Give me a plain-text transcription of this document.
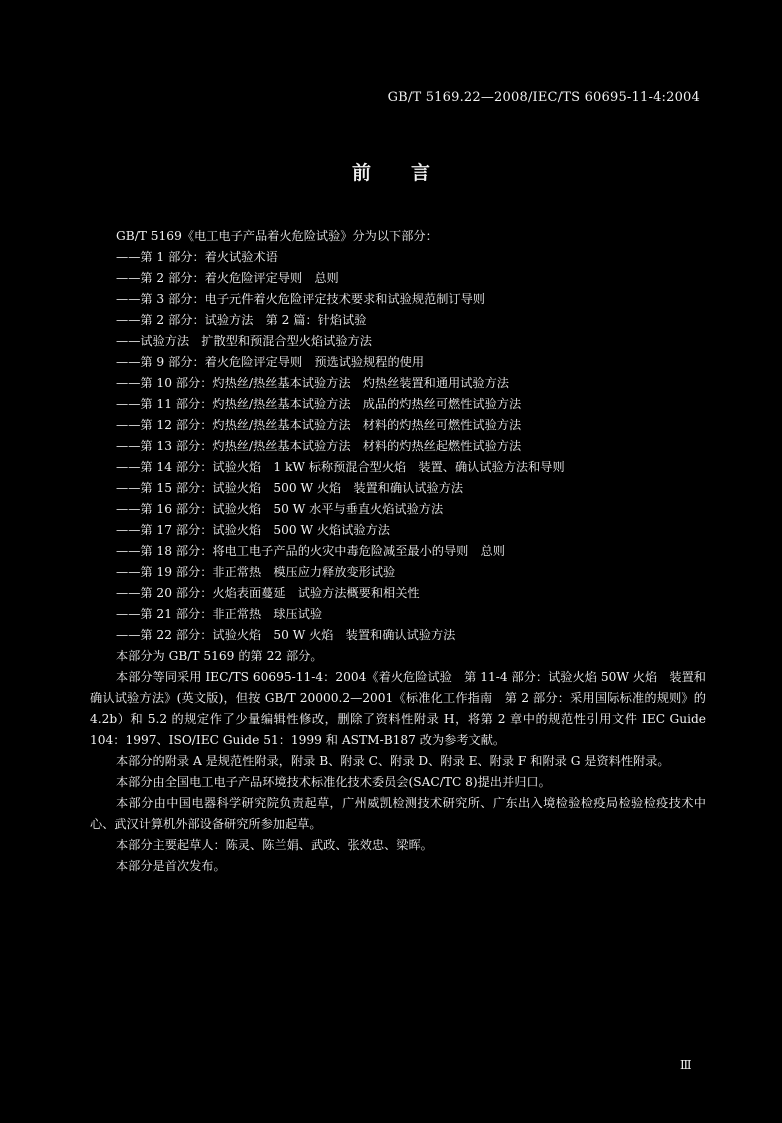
GB/T 5169.22—2008/IEC/TS 60695-11-4:2004
前言
GB/T 5169《电工电子产品着火危险试验》分为以下部分：
——第 1 部分：着火试验术语
——第 2 部分：着火危险评定导则　总则
——第 3 部分：电子元件着火危险评定技术要求和试验规范制订导则
——第 2 部分：试验方法　第 2 篇：针焰试验
——试验方法　扩散型和预混合型火焰试验方法
——第 9 部分：着火危险评定导则　预选试验规程的使用
——第 10 部分：灼热丝/热丝基本试验方法　灼热丝装置和通用试验方法
——第 11 部分：灼热丝/热丝基本试验方法　成品的灼热丝可燃性试验方法
——第 12 部分：灼热丝/热丝基本试验方法　材料的灼热丝可燃性试验方法
——第 13 部分：灼热丝/热丝基本试验方法　材料的灼热丝起燃性试验方法
——第 14 部分：试验火焰　1 kW 标称预混合型火焰　装置、确认试验方法和导则
——第 15 部分：试验火焰　500 W 火焰　装置和确认试验方法
——第 16 部分：试验火焰　50 W 水平与垂直火焰试验方法
——第 17 部分：试验火焰　500 W 火焰试验方法
——第 18 部分：将电工电子产品的火灾中毒危险减至最小的导则　总则
——第 19 部分：非正常热　模压应力释放变形试验
——第 20 部分：火焰表面蔓延　试验方法概要和相关性
——第 21 部分：非正常热　球压试验
——第 22 部分：试验火焰　50 W 火焰　装置和确认试验方法
本部分为 GB/T 5169 的第 22 部分。
本部分等同采用 IEC/TS 60695-11-4：2004《着火危险试验　第 11-4 部分：试验火焰 50W 火焰　装置和确认试验方法》(英文版)，但按 GB/T 20000.2—2001《标准化工作指南　第 2 部分：采用国际标准的规则》的 4.2b）和 5.2 的规定作了少量编辑性修改，删除了资料性附录 H，将第 2 章中的规范性引用文件 IEC Guide 104：1997、ISO/IEC Guide 51：1999 和 ASTM-B187 改为参考文献。
本部分的附录 A 是规范性附录，附录 B、附录 C、附录 D、附录 E、附录 F 和附录 G 是资料性附录。
本部分由全国电工电子产品环境技术标准化技术委员会(SAC/TC 8)提出并归口。
本部分由中国电器科学研究院负责起草，广州威凯检测技术研究所、广东出入境检验检疫局检验检疫技术中心、武汉计算机外部设备研究所参加起草。
本部分主要起草人：陈灵、陈兰娟、武政、张效忠、梁晖。
本部分是首次发布。
Ⅲ
